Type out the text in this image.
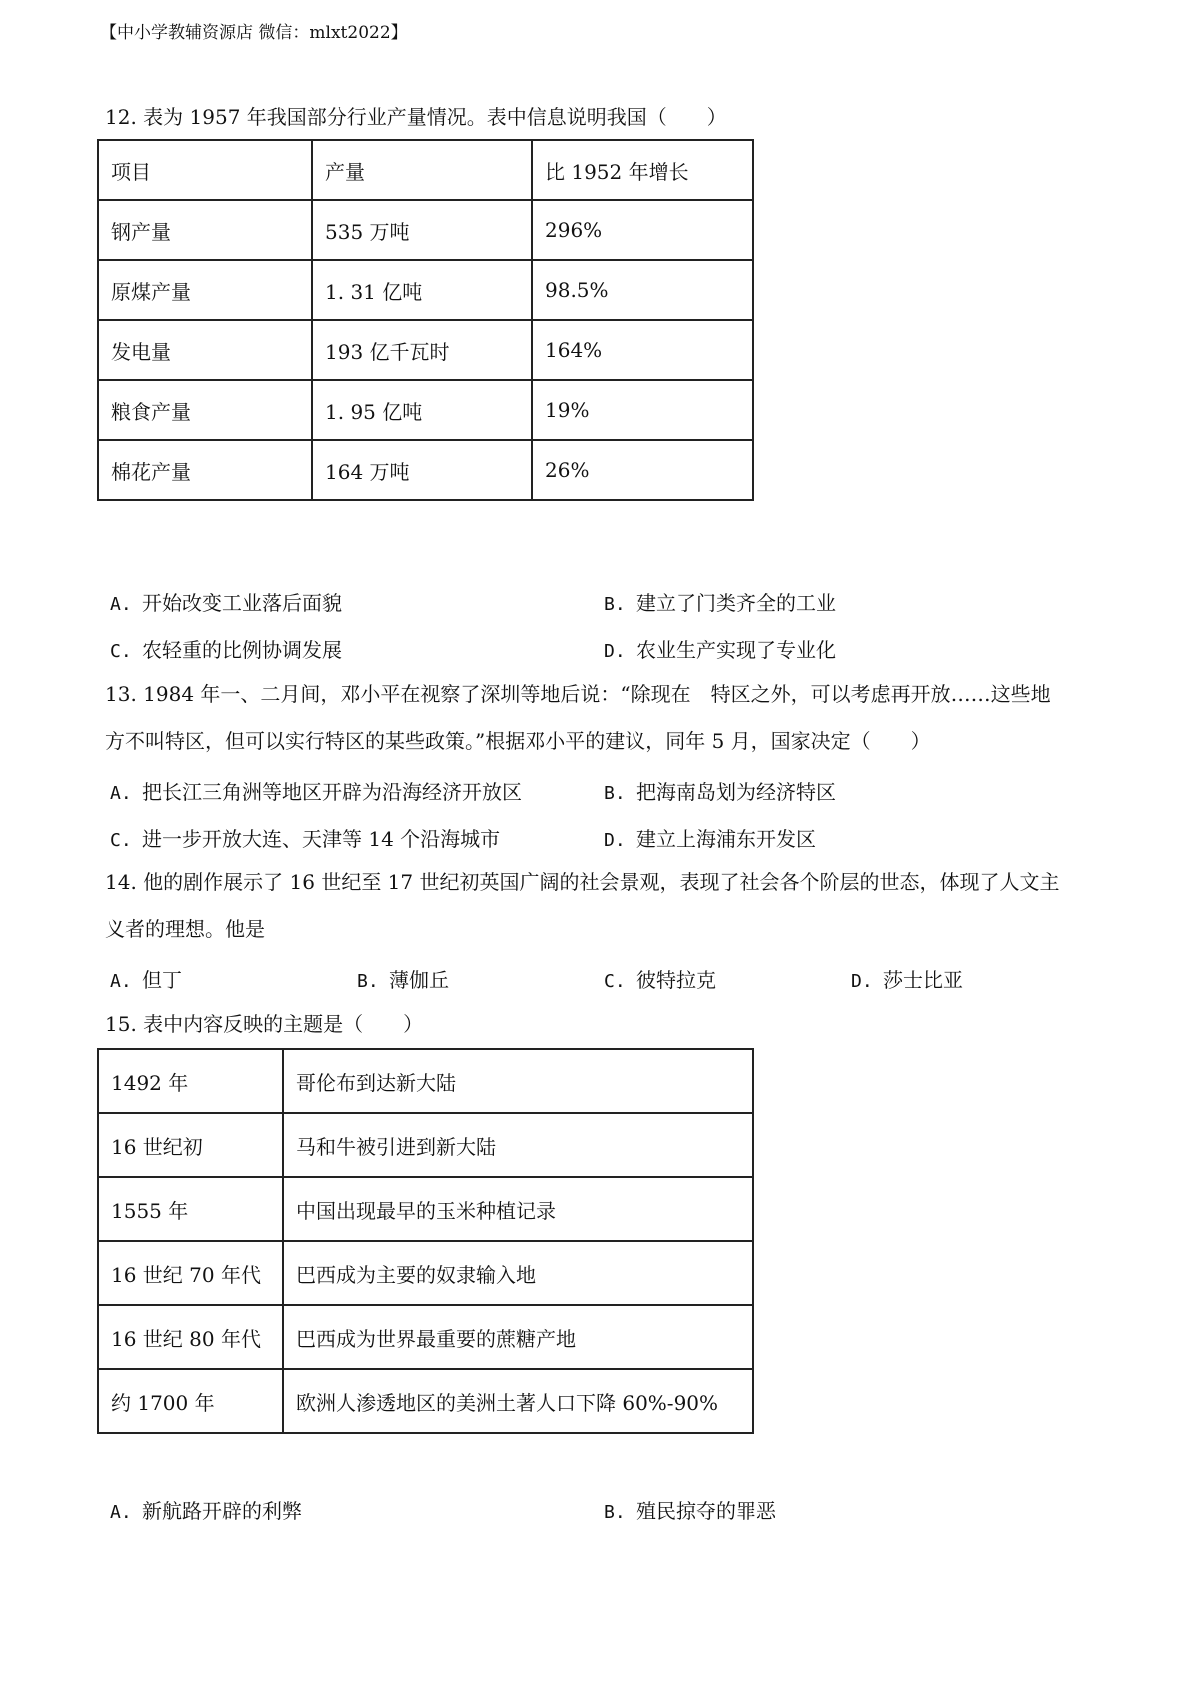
【中小学教辅资源店 微信：mlxt2022】
12. 表为 1957 年我国部分行业产量情况。表中信息说明我国（　　）
项目	产量	比 1952 年增长
钢产量	535 万吨	296%
原煤产量	1. 31 亿吨	98.5%
发电量	193 亿千瓦时	164%
粮食产量	1. 95 亿吨	19%
棉花产量	164 万吨	26%
A. 开始改变工业落后面貌	B. 建立了门类齐全的工业
C. 农轻重的比例协调发展	D. 农业生产实现了专业化
13. 1984 年一、二月间，邓小平在视察了深圳等地后说：“除现在　特区之外，可以考虑再开放……这些地
方不叫特区，但可以实行特区的某些政策。”根据邓小平的建议，同年 5 月，国家决定（　　）
A. 把长江三角洲等地区开辟为沿海经济开放区	B. 把海南岛划为经济特区
C. 进一步开放大连、天津等 14 个沿海城市	D. 建立上海浦东开发区
14. 他的剧作展示了 16 世纪至 17 世纪初英国广阔的社会景观，表现了社会各个阶层的世态，体现了人文主
义者的理想。他是
A. 但丁	B. 薄伽丘	C. 彼特拉克	D. 莎士比亚
15. 表中内容反映的主题是（　　）
1492 年	哥伦布到达新大陆
16 世纪初	马和牛被引进到新大陆
1555 年	中国出现最早的玉米种植记录
16 世纪 70 年代	巴西成为主要的奴隶输入地
16 世纪 80 年代	巴西成为世界最重要的蔗糖产地
约 1700 年	欧洲人渗透地区的美洲土著人口下降 60%-90%
A. 新航路开辟的利弊	B. 殖民掠夺的罪恶
